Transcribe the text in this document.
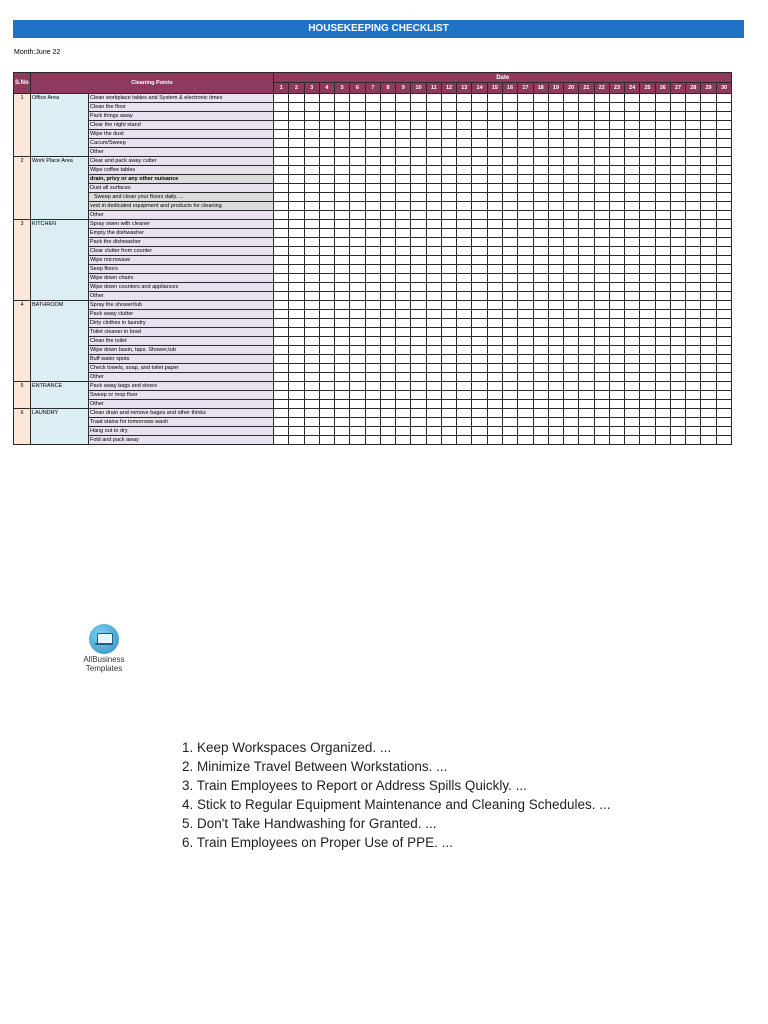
HOUSEKEEPING CHECKLIST
Month:June 22
S.No	Cleaning Points		Date																													
			1	2	3	4	5	6	7	8	9	10	11	12	13	14	15	16	17	18	19	20	21	22	23	24	25	26	27	28	29	30
1	Office Area	Clean workplace tables and System & electronic itmes																														
		Clean the floor																														
		Pack things away																														
		Clear the night stand																														
		Wipe the dust																														
		Cacum/Sweep																														
		Other																														
2	Work Place Area	Clear and pack away cutter																														
		Wipe coffee tables																														
		drain, privy or any other nuisance																														
		Dust all surfaces																														
		Sweep and clean your floors daily. ...																														
		vest in dedicated equipment and products for cleaning																														
		Other																														
3	KITCHEN	Spray owen with cleaner																														
		Empty the dishwasher																														
		Pack the dishwasher																														
		Clear clutter from counter																														
		Wipe microwave																														
		Seep floors																														
		Wipe down chairs																														
		Wipe down counters and appliances																														
		Other																														
4	BATHROOM	Spray the shower/tub																														
		Pack away clutter																														
		Dirty clothes in laundry																														
		Toilet cleaner in bowl																														
		Clean the toilet																														
		Wipe down basin, taps. Shower,tub																														
		Buff water spots																														
		Check towels, soap, and toilet paper																														
		Other																														
5	ENTRANCE	Pack away bags and shoes																														
		Sweep or mop floor																														
		Other																														
6	LAUNDRY	Clean drain and remove bages and other thinks																														
		Traat stains for tomorrows wash																														
		Hang out to dry																														
		Fold and pack away																														
AllBusiness
Templates
1. Keep Workspaces Organized. ...
2. Minimize Travel Between Workstations. ...
3. Train Employees to Report or Address Spills Quickly. ...
4. Stick to Regular Equipment Maintenance and Cleaning Schedules. ...
5. Don't Take Handwashing for Granted. ...
6. Train Employees on Proper Use of PPE. ...
